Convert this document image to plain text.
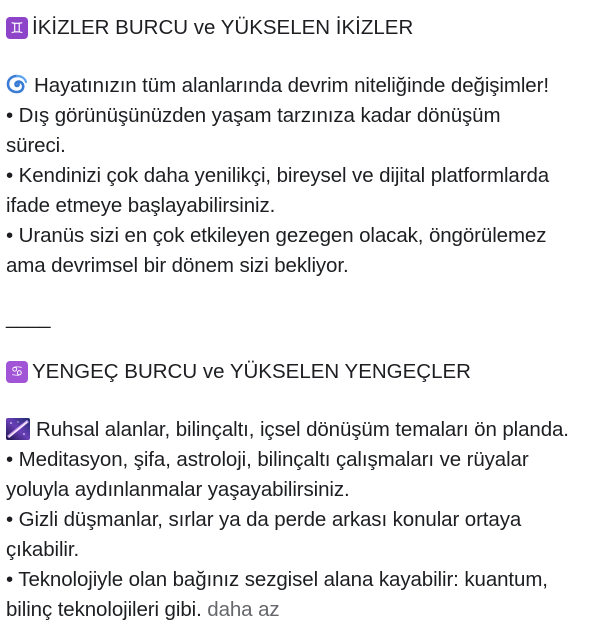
♊ İKİZLER BURCU ve YÜKSELEN İKİZLER
Hayatınızın tüm alanlarında devrim niteliğinde değişimler!
• Dış görünüşünüzden yaşam tarzınıza kadar dönüşüm
süreci.
• Kendinizi çok daha yenilikçi, bireysel ve dijital platformlarda
ifade etmeye başlayabilirsiniz.
• Uranüs sizi en çok etkileyen gezegen olacak, öngörülemez
ama devrimsel bir dönem sizi bekliyor.
____
♋ YENGEÇ BURCU ve YÜKSELEN YENGEÇLER
Ruhsal alanlar, bilinçaltı, içsel dönüşüm temaları ön planda.
• Meditasyon, şifa, astroloji, bilinçaltı çalışmaları ve rüyalar
yoluyla aydınlanmalar yaşayabilirsiniz.
• Gizli düşmanlar, sırlar ya da perde arkası konular ortaya
çıkabilir.
• Teknolojiyle olan bağınız sezgisel alana kayabilir: kuantum,
bilinç teknolojileri gibi. daha az
